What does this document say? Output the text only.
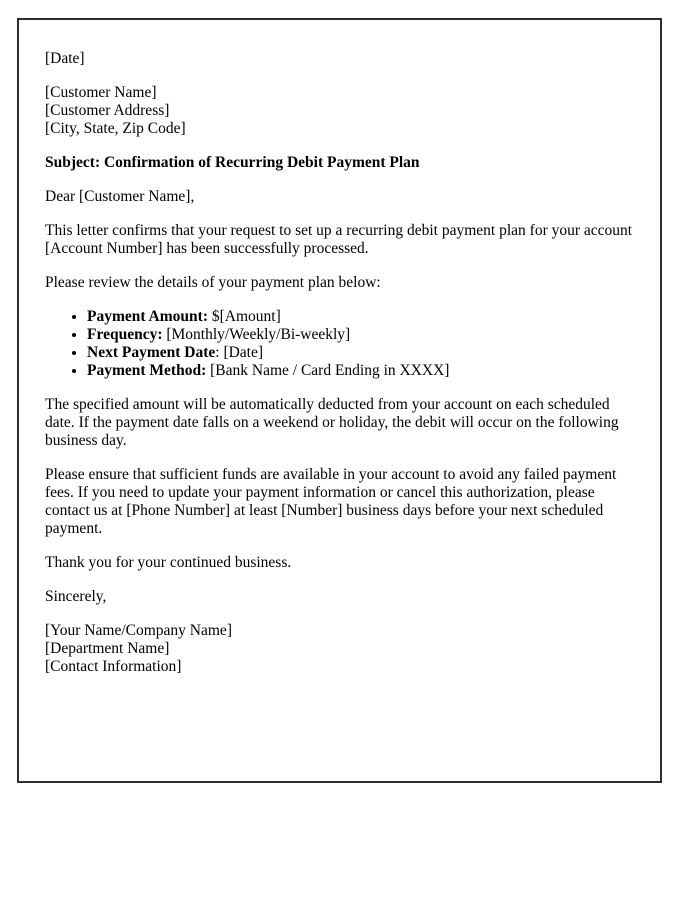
[Date]

[Customer Name]

[Customer Address]

[City, State, Zip Code]

Subject: Confirmation of Recurring Debit Payment Plan

Dear [Customer Name],

This letter confirms that your request to set up a recurring debit payment plan for your account [Account Number] has been successfully processed.

Please review the details of your payment plan below:

• Payment Amount: $[Amount]
• Frequency: [Monthly/Weekly/Bi-weekly]
• Next Payment Date: [Date]
• Payment Method: [Bank Name / Card Ending in XXXX]

The specified amount will be automatically deducted from your account on each scheduled date. If the payment date falls on a weekend or holiday, the debit will occur on the following business day.

Please ensure that sufficient funds are available in your account to avoid any failed payment fees. If you need to update your payment information or cancel this authorization, please contact us at [Phone Number] at least [Number] business days before your next scheduled payment.

Thank you for your continued business.

Sincerely,

[Your Name/Company Name]

[Department Name]

[Contact Information]
